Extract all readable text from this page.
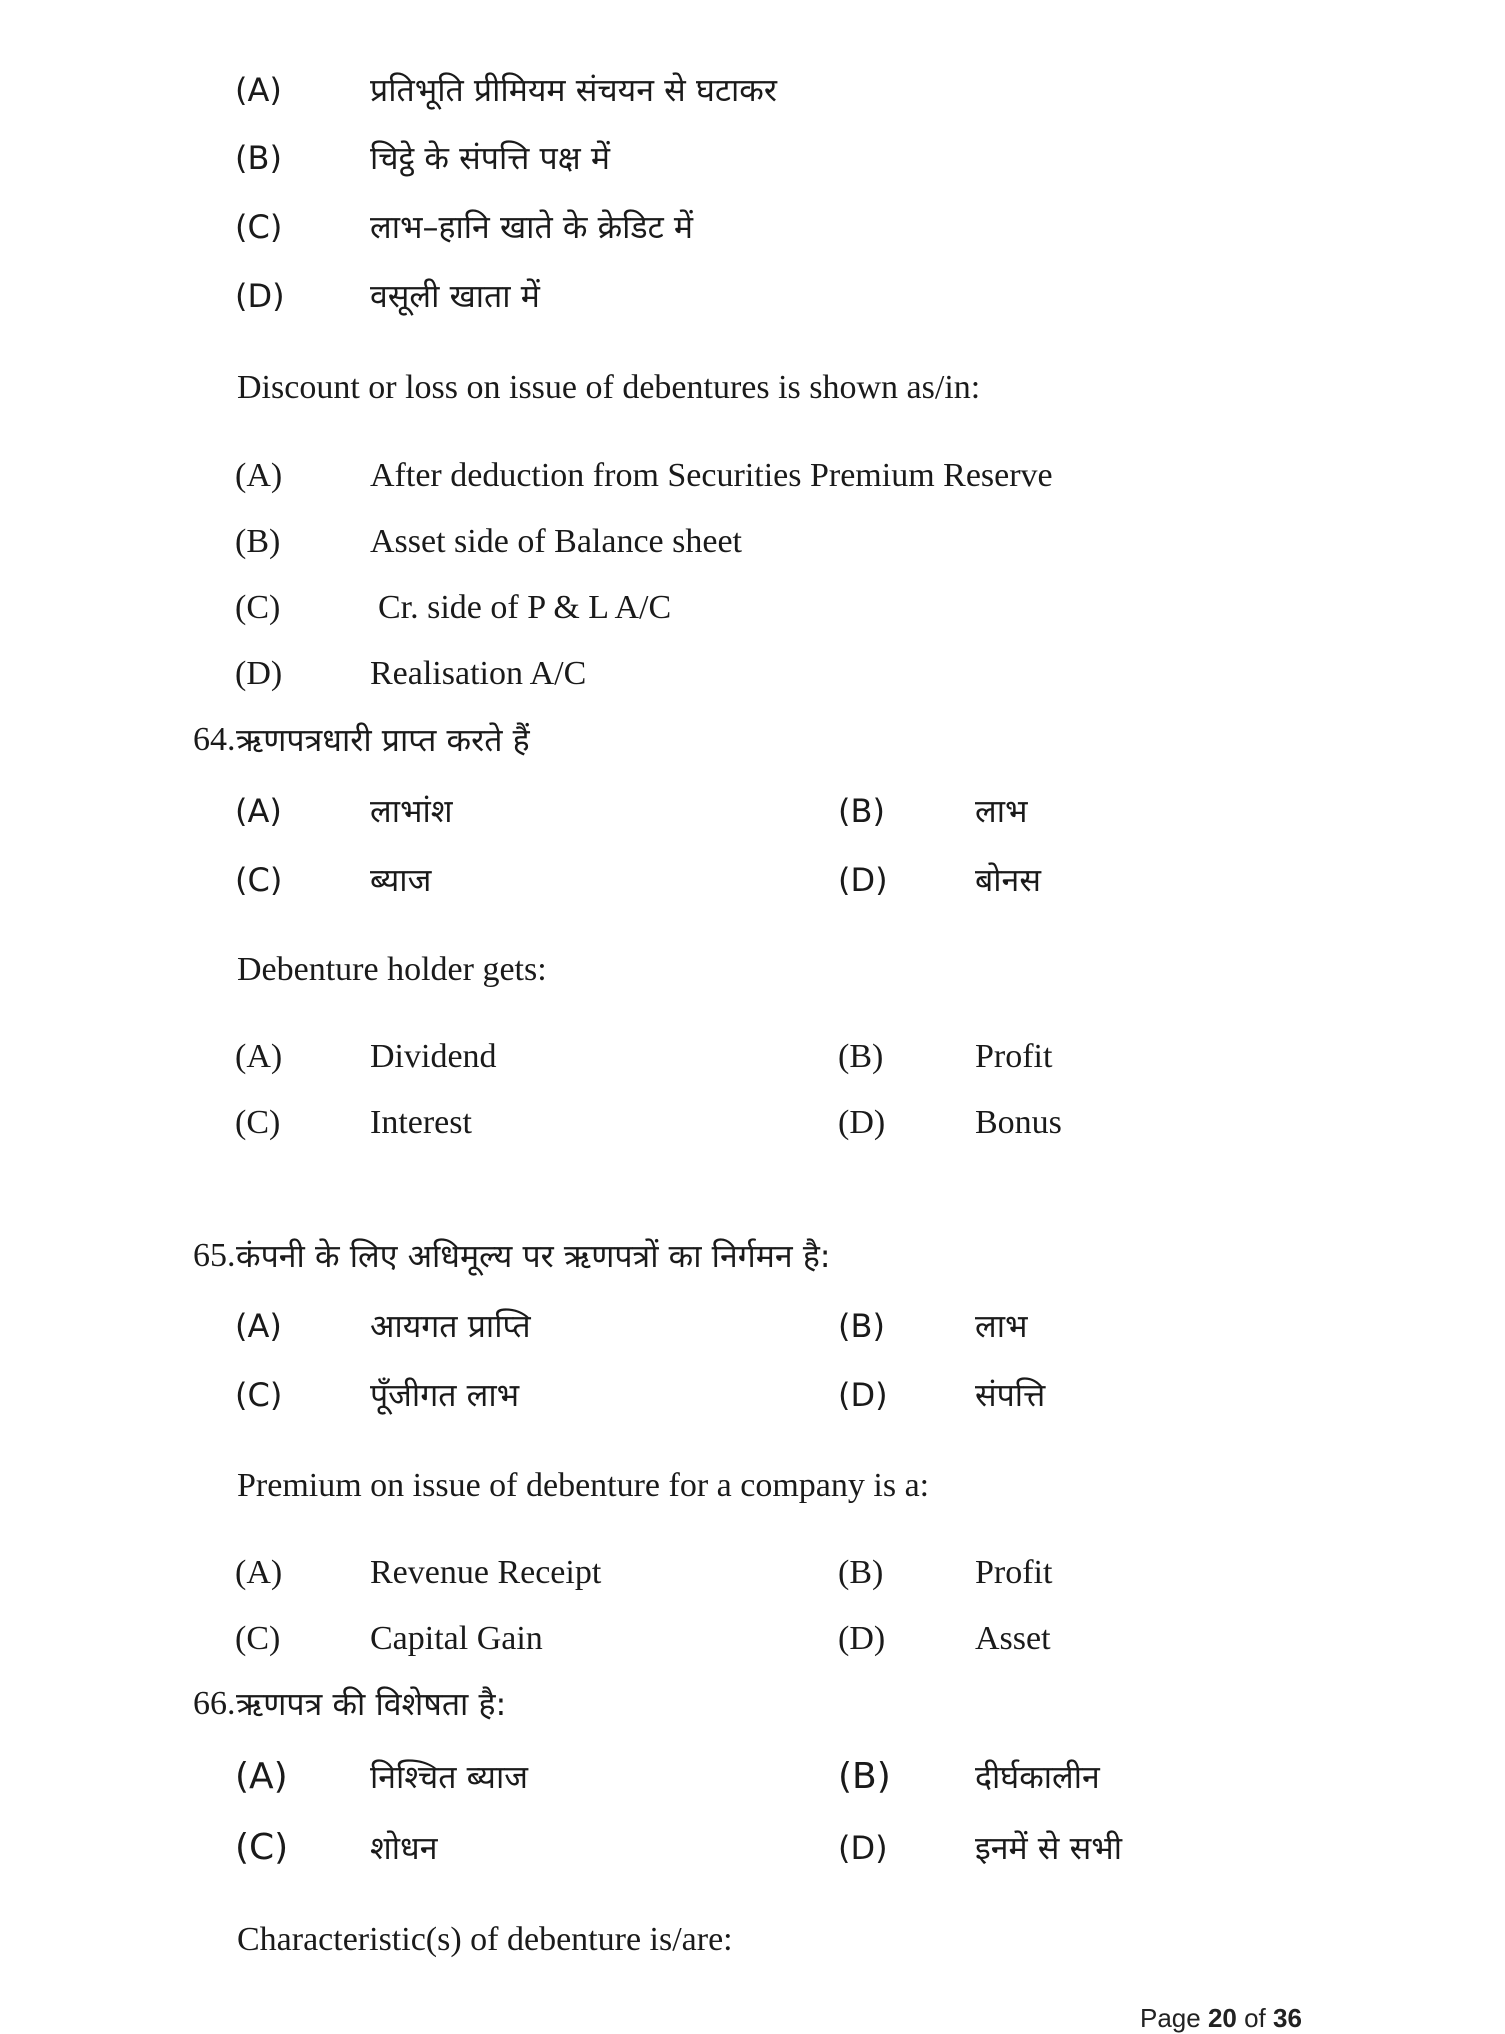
(A)	प्रतिभूति प्रीमियम संचयन से घटाकर
(B)	चिट्ठे के संपत्ति पक्ष में
(C)	लाभ–हानि खाते के क्रेडिट में
(D)	वसूली खाता में
Discount or loss on issue of debentures is shown as/in:
(A)	After deduction from Securities Premium Reserve
(B)	Asset side of Balance sheet
(C)	Cr. side of P & L A/C
(D)	Realisation A/C
64. ऋणपत्रधारी प्राप्त करते हैं
(A)	लाभांश	(B)	लाभ
(C)	ब्याज	(D)	बोनस
Debenture holder gets:
(A)	Dividend	(B)	Profit
(C)	Interest	(D)	Bonus
65. कंपनी के लिए अधिमूल्य पर ऋणपत्रों का निर्गमन है:
(A)	आयगत प्राप्ति	(B)	लाभ
(C)	पूँजीगत लाभ	(D)	संपत्ति
Premium on issue of debenture for a company is a:
(A)	Revenue Receipt	(B)	Profit
(C)	Capital Gain	(D)	Asset
66. ऋणपत्र की विशेषता है:
(A)	निश्चित ब्याज	(B)	दीर्घकालीन
(C)	शोधन	(D)	इनमें से सभी
Characteristic(s) of debenture is/are:
Page 20 of 36
